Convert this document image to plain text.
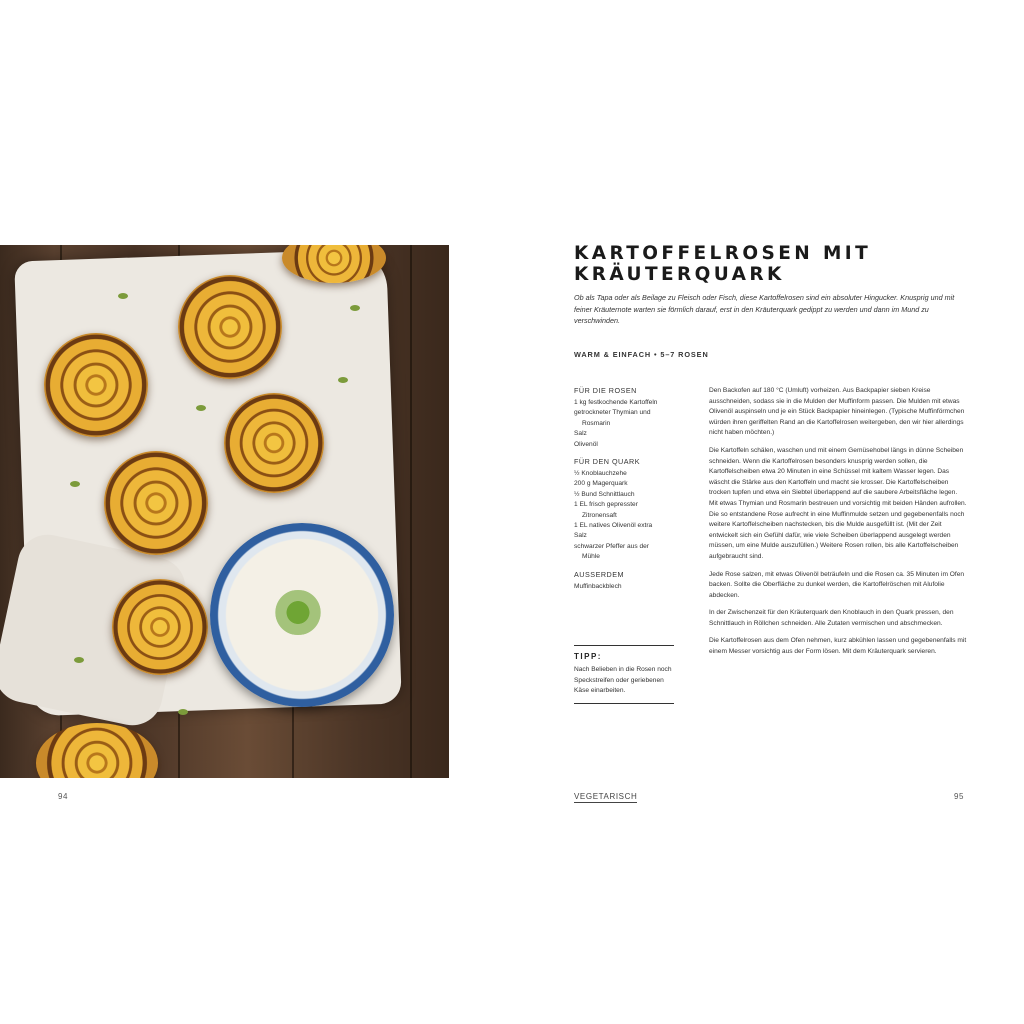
94
KARTOFFELROSEN MIT
KRÄUTERQUARK

Ob als Tapa oder als Beilage zu Fleisch oder Fisch, diese Kartoffelrosen sind ein absoluter Hingucker. Knusprig und mit feiner Kräuternote warten sie förmlich darauf, erst in den Kräuterquark gedippt zu werden und dann im Mund zu verschwinden.

WARM & EINFACH • 5–7 ROSEN
FÜR DIE ROSEN
1 kg festkochende Kartoffeln
getrockneter Thymian und
Rosmarin
Salz
Olivenöl
FÜR DEN QUARK
½ Knoblauchzehe
200 g Magerquark
½ Bund Schnittlauch
1 EL frisch gepresster
Zitronensaft
1 EL natives Olivenöl extra
Salz
schwarzer Pfeffer aus der
Mühle
AUSSERDEM
Muffinbackblech
TIPP:
Nach Belieben in die Rosen noch Speckstreifen oder geriebenen Käse einarbeiten.

Den Backofen auf 180 °C (Umluft) vorheizen. Aus Backpapier sieben Kreise ausschneiden, sodass sie in die Mulden der Muffinform passen. Die Mulden mit etwas Olivenöl auspinseln und je ein Stück Backpapier hineinlegen. (Typische Muffinförmchen würden ihren geriffelten Rand an die Kartoffelrosen weitergeben, den wir hier allerdings nicht haben möchten.)

Die Kartoffeln schälen, waschen und mit einem Gemüsehobel längs in dünne Scheiben schneiden. Wenn die Kartoffelrosen besonders knusprig werden sollen, die Kartoffelscheiben etwa 20 Minuten in eine Schüssel mit kaltem Wasser legen. Das wäscht die Stärke aus den Kartoffeln und macht sie krosser. Die Kartoffelscheiben trocken tupfen und etwa ein Siebtel überlappend auf die saubere Arbeitsfläche legen. Mit etwas Thymian und Rosmarin bestreuen und vorsichtig mit beiden Händen aufrollen. Die so entstandene Rose aufrecht in eine Muffinmulde setzen und gegebenenfalls noch weitere Kartoffelscheiben nachstecken, bis die Mulde ausgefüllt ist. (Mit der Zeit entwickelt sich ein Gefühl dafür, wie viele Scheiben überlappend ausgelegt werden müssen, um eine Mulde auszufüllen.) Weitere Rosen rollen, bis alle Kartoffelscheiben aufgebraucht sind.

Jede Rose salzen, mit etwas Olivenöl beträufeln und die Rosen ca. 35 Minuten im Ofen backen. Sollte die Oberfläche zu dunkel werden, die Kartoffelröschen mit Alufolie abdecken.

In der Zwischenzeit für den Kräuterquark den Knoblauch in den Quark pressen, den Schnittlauch in Röllchen schneiden. Alle Zutaten vermischen und abschmecken.

Die Kartoffelrosen aus dem Ofen nehmen, kurz abkühlen lassen und gegebenenfalls mit einem Messer vorsichtig aus der Form lösen. Mit dem Kräuterquark servieren.

VEGETARISCH	95
